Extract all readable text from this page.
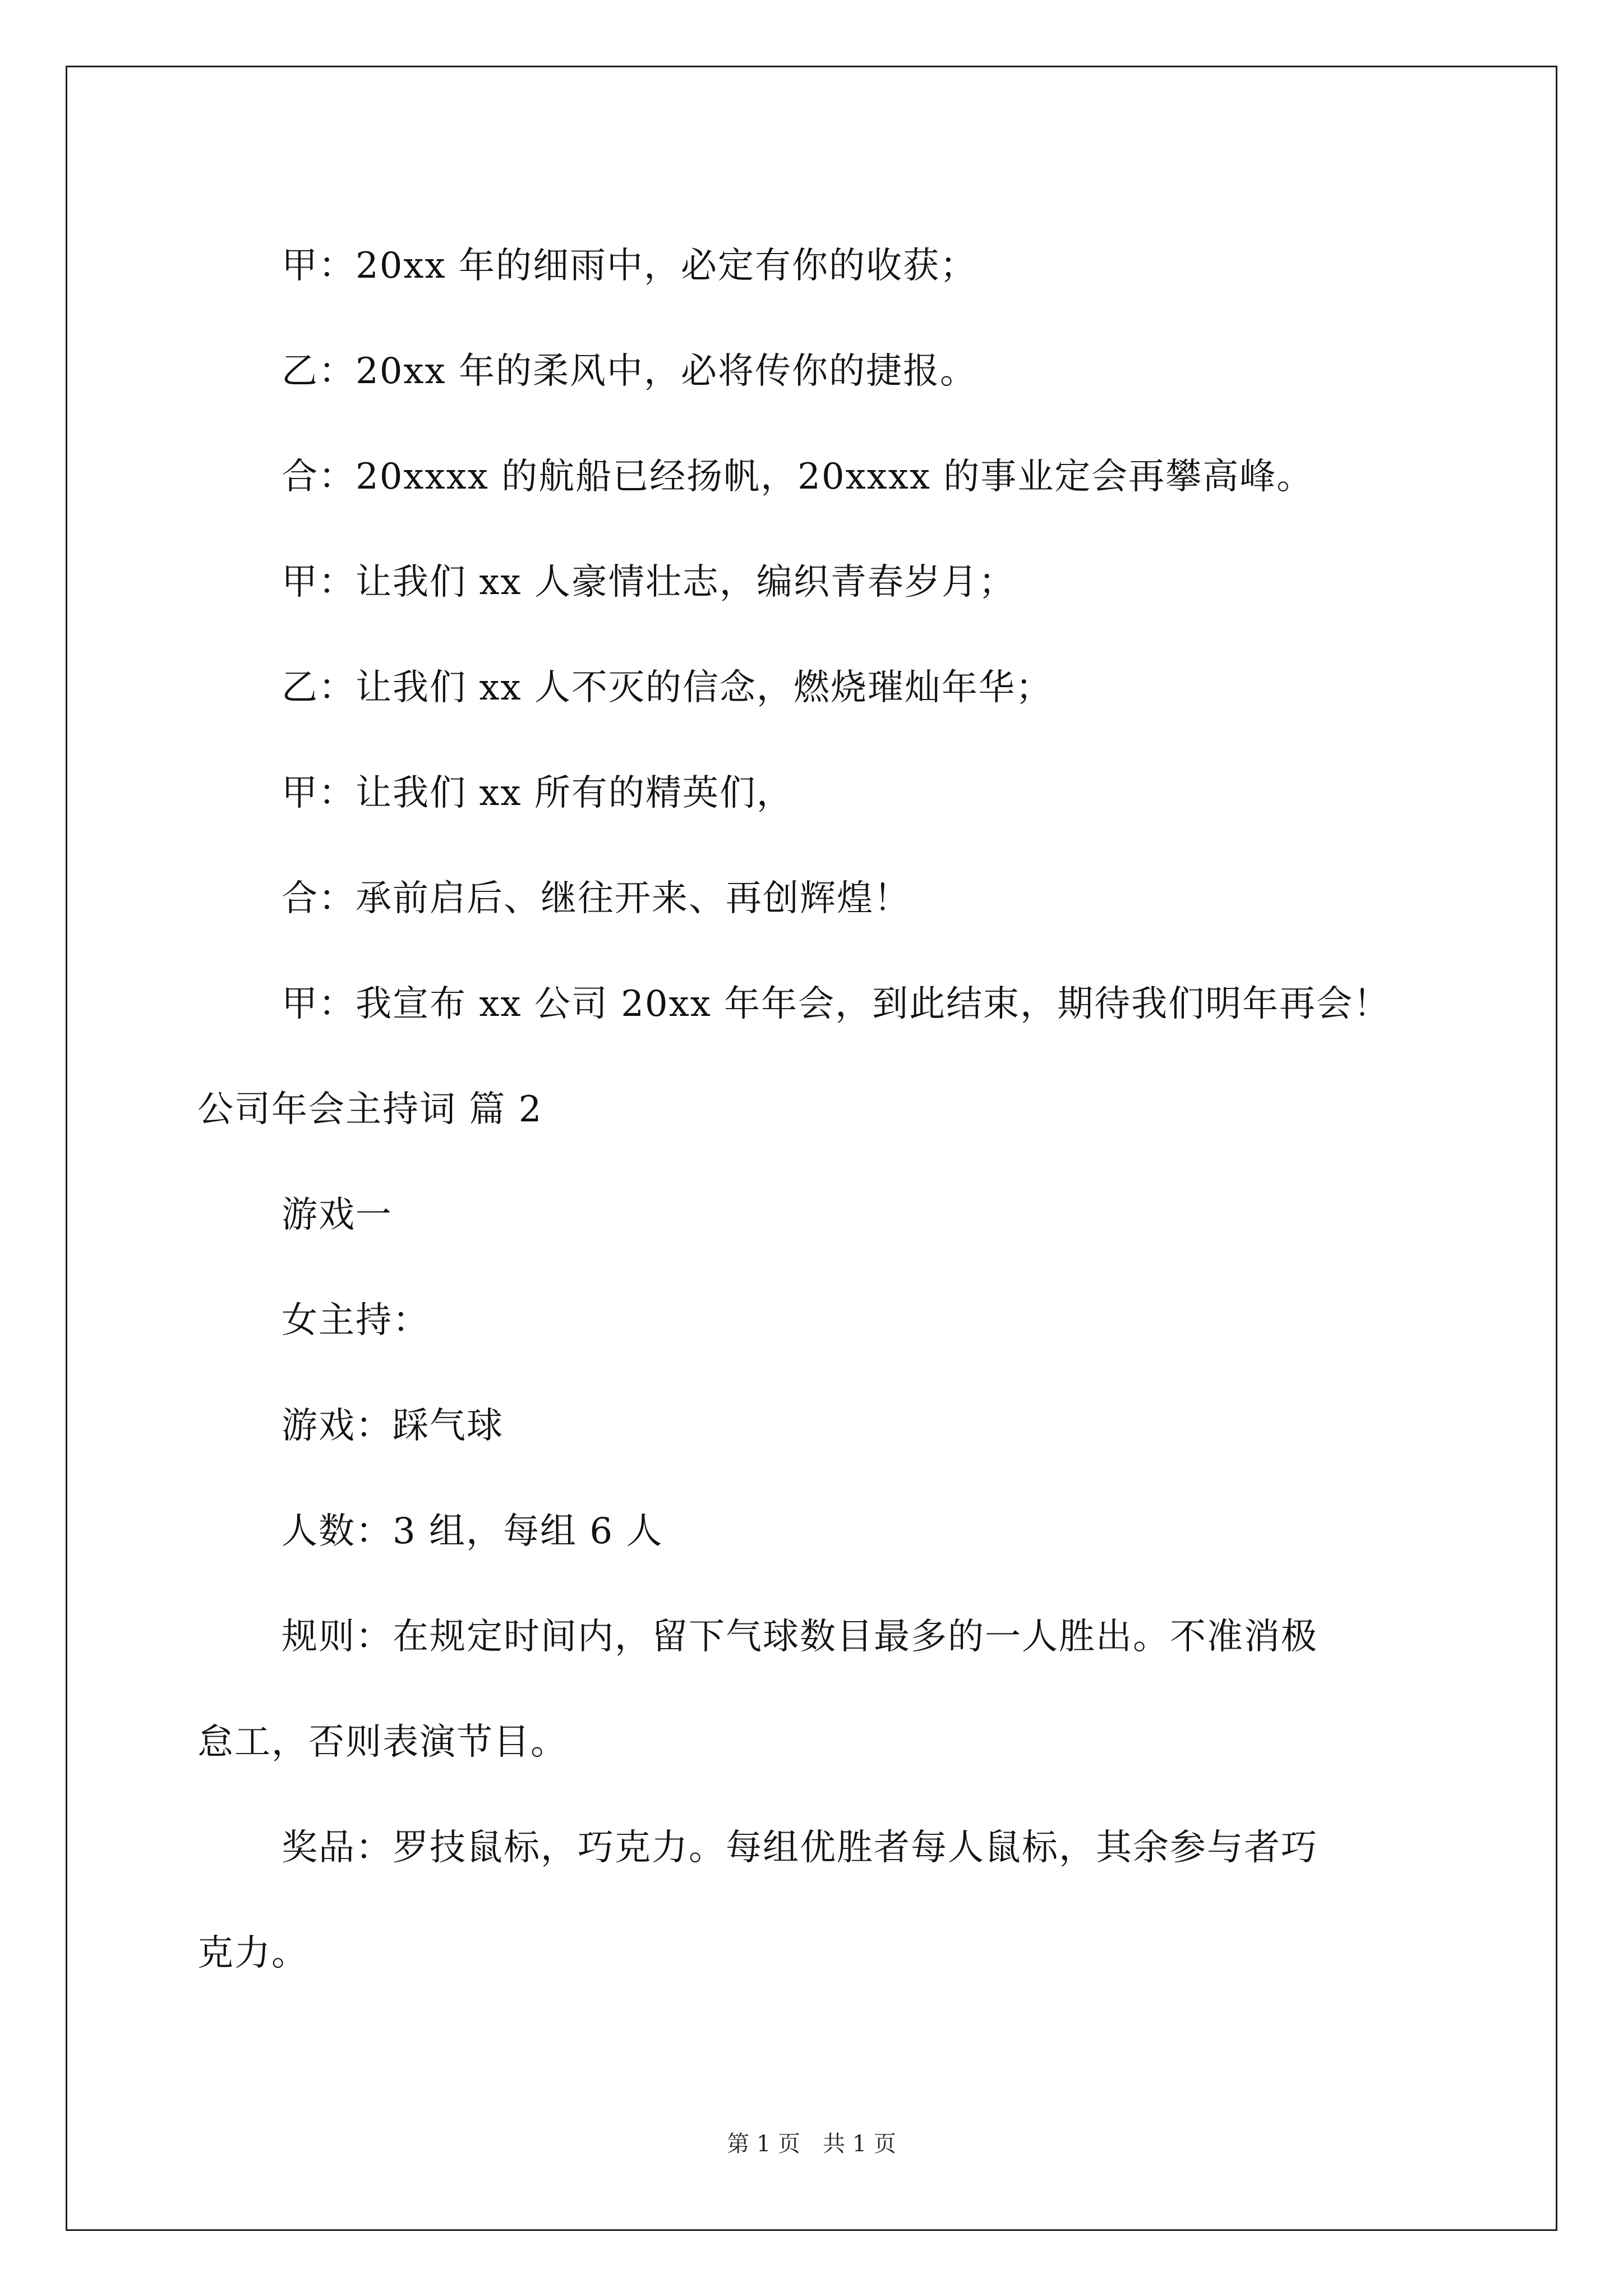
甲：20xx 年的细雨中，必定有你的收获；
乙：20xx 年的柔风中，必将传你的捷报。
合：20xxxx 的航船已经扬帆，20xxxx 的事业定会再攀高峰。
甲：让我们 xx 人豪情壮志，编织青春岁月；
乙：让我们 xx 人不灭的信念，燃烧璀灿年华；
甲：让我们 xx 所有的精英们，
合：承前启后、继往开来、再创辉煌！
甲：我宣布 xx 公司 20xx 年年会，到此结束，期待我们明年再会！
公司年会主持词 篇 2
游戏一
女主持：
游戏：踩气球
人数：3 组，每组 6 人
规则：在规定时间内，留下气球数目最多的一人胜出。不准消极
怠工，否则表演节目。
奖品：罗技鼠标，巧克力。每组优胜者每人鼠标，其余参与者巧
克力。
第 1 页　共 1 页
